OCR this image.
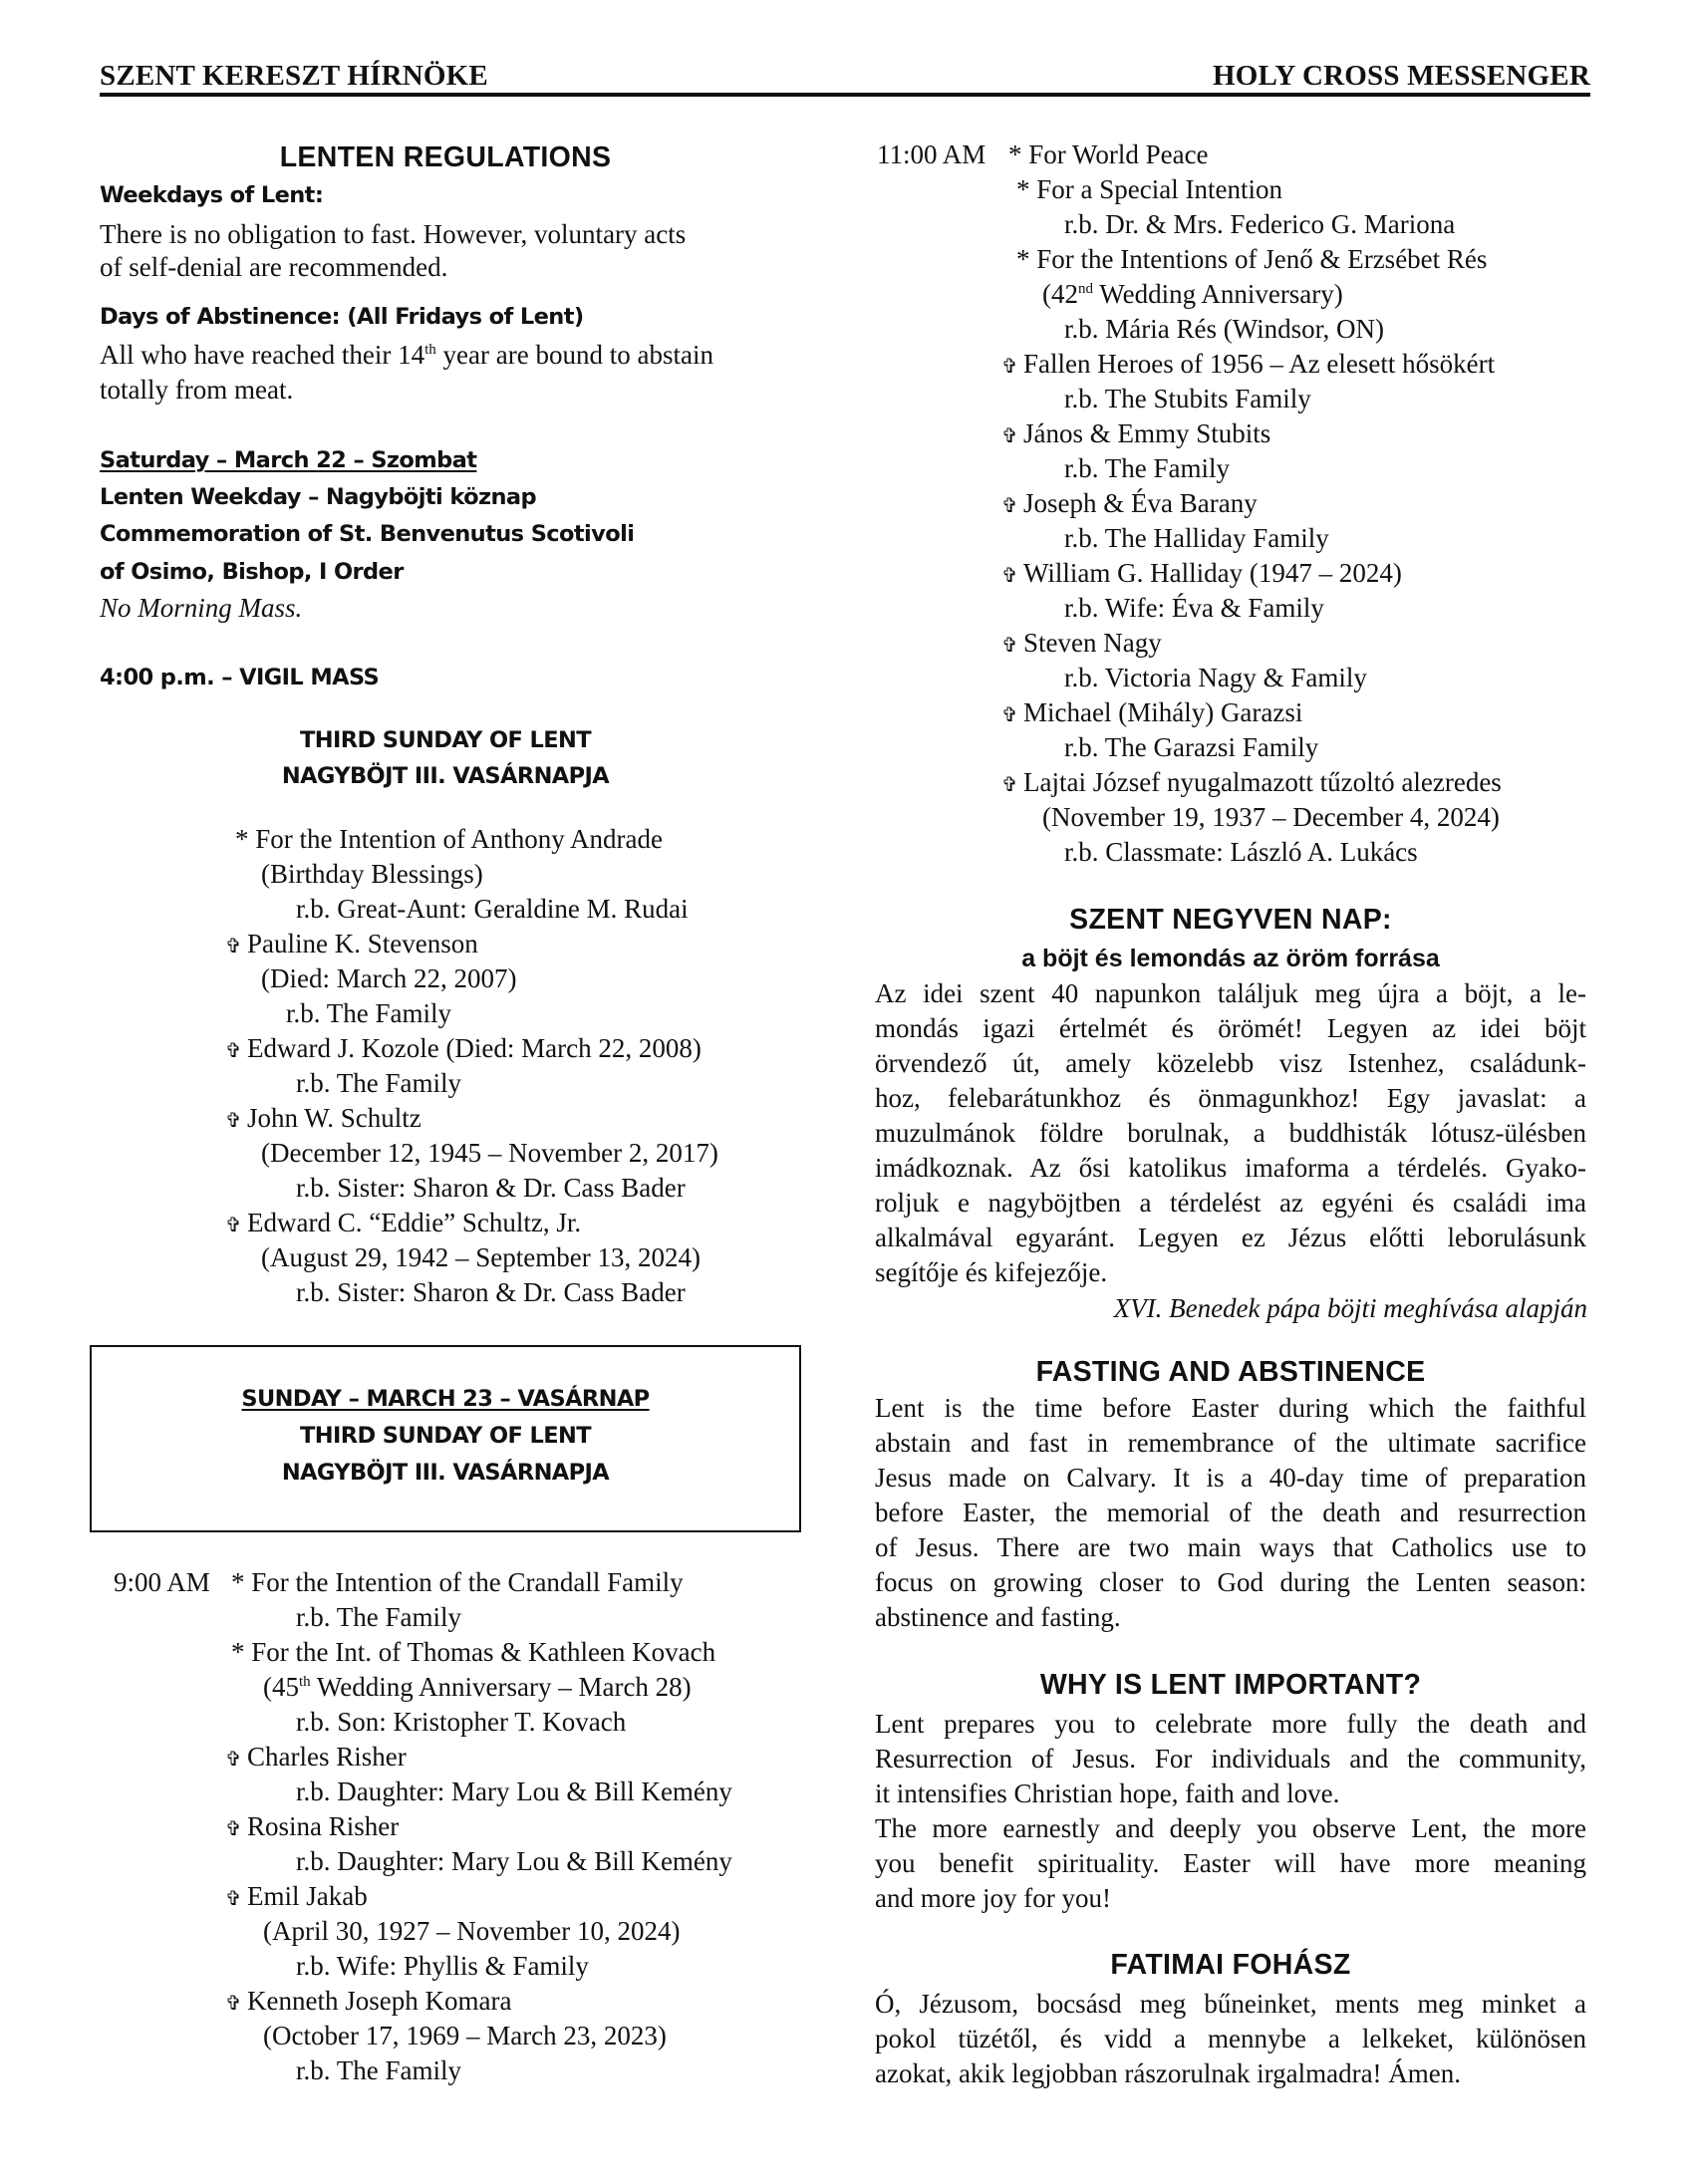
SZENT KERESZT HÍRNÖKE	HOLY CROSS MESSENGER
LENTEN REGULATIONS
Weekdays of Lent:
There is no obligation to fast. However, voluntary acts
of self-denial are recommended.
Days of Abstinence: (All Fridays of Lent)
All who have reached their 14th year are bound to abstain
totally from meat.
Saturday – March 22 – Szombat
Lenten Weekday – Nagyböjti köznap
Commemoration of St. Benvenutus Scotivoli
of Osimo, Bishop, I Order
No Morning Mass.
4:00 p.m. – VIGIL MASS
THIRD SUNDAY OF LENT
NAGYBÖJT III. VASÁRNAPJA
* For the Intention of Anthony Andrade
(Birthday Blessings)
r.b. Great-Aunt: Geraldine M. Rudai
✞ Pauline K. Stevenson
(Died: March 22, 2007)
r.b. The Family
✞ Edward J. Kozole (Died: March 22, 2008)
r.b. The Family
✞ John W. Schultz
(December 12, 1945 – November 2, 2017)
r.b. Sister: Sharon & Dr. Cass Bader
✞ Edward C. “Eddie” Schultz, Jr.
(August 29, 1942 – September 13, 2024)
r.b. Sister: Sharon & Dr. Cass Bader
SUNDAY – MARCH 23 – VASÁRNAP
THIRD SUNDAY OF LENT
NAGYBÖJT III. VASÁRNAPJA
9:00 AM * For the Intention of the Crandall Family
r.b. The Family
* For the Int. of Thomas & Kathleen Kovach
(45th Wedding Anniversary – March 28)
r.b. Son: Kristopher T. Kovach
✞ Charles Risher
r.b. Daughter: Mary Lou & Bill Kemény
✞ Rosina Risher
r.b. Daughter: Mary Lou & Bill Kemény
✞ Emil Jakab
(April 30, 1927 – November 10, 2024)
r.b. Wife: Phyllis & Family
✞ Kenneth Joseph Komara
(October 17, 1969 – March 23, 2023)
r.b. The Family
11:00 AM * For World Peace
* For a Special Intention
r.b. Dr. & Mrs. Federico G. Mariona
* For the Intentions of Jenő & Erzsébet Rés
(42nd Wedding Anniversary)
r.b. Mária Rés (Windsor, ON)
✞ Fallen Heroes of 1956 – Az elesett hősökért
r.b. The Stubits Family
✞ János & Emmy Stubits
r.b. The Family
✞ Joseph & Éva Barany
r.b. The Halliday Family
✞ William G. Halliday (1947 – 2024)
r.b. Wife: Éva & Family
✞ Steven Nagy
r.b. Victoria Nagy & Family
✞ Michael (Mihály) Garazsi
r.b. The Garazsi Family
✞ Lajtai József nyugalmazott tűzoltó alezredes
(November 19, 1937 – December 4, 2024)
r.b. Classmate: László A. Lukács
SZENT NEGYVEN NAP:
a böjt és lemondás az öröm forrása
Az idei szent 40 napunkon találjuk meg újra a böjt, a le-
mondás igazi értelmét és örömét! Legyen az idei böjt
örvendező út, amely közelebb visz Istenhez, családunk-
hoz, felebarátunkhoz és önmagunkhoz! Egy javaslat: a
muzulmánok földre borulnak, a buddhisták lótusz-ülésben
imádkoznak. Az ősi katolikus imaforma a térdelés. Gyako-
roljuk e nagyböjtben a térdelést az egyéni és családi ima
alkalmával egyaránt. Legyen ez Jézus előtti leborulásunk
segítője és kifejezője.
XVI. Benedek pápa böjti meghívása alapján
FASTING AND ABSTINENCE
Lent is the time before Easter during which the faithful
abstain and fast in remembrance of the ultimate sacrifice
Jesus made on Calvary. It is a 40-day time of preparation
before Easter, the memorial of the death and resurrection
of Jesus. There are two main ways that Catholics use to
focus on growing closer to God during the Lenten season:
abstinence and fasting.
WHY IS LENT IMPORTANT?
Lent prepares you to celebrate more fully the death and
Resurrection of Jesus. For individuals and the community,
it intensifies Christian hope, faith and love.
The more earnestly and deeply you observe Lent, the more
you benefit spirituality. Easter will have more meaning
and more joy for you!
FATIMAI FOHÁSZ
Ó, Jézusom, bocsásd meg bűneinket, ments meg minket a
pokol tüzétől, és vidd a mennybe a lelkeket, különösen
azokat, akik legjobban rászorulnak irgalmadra! Ámen.
